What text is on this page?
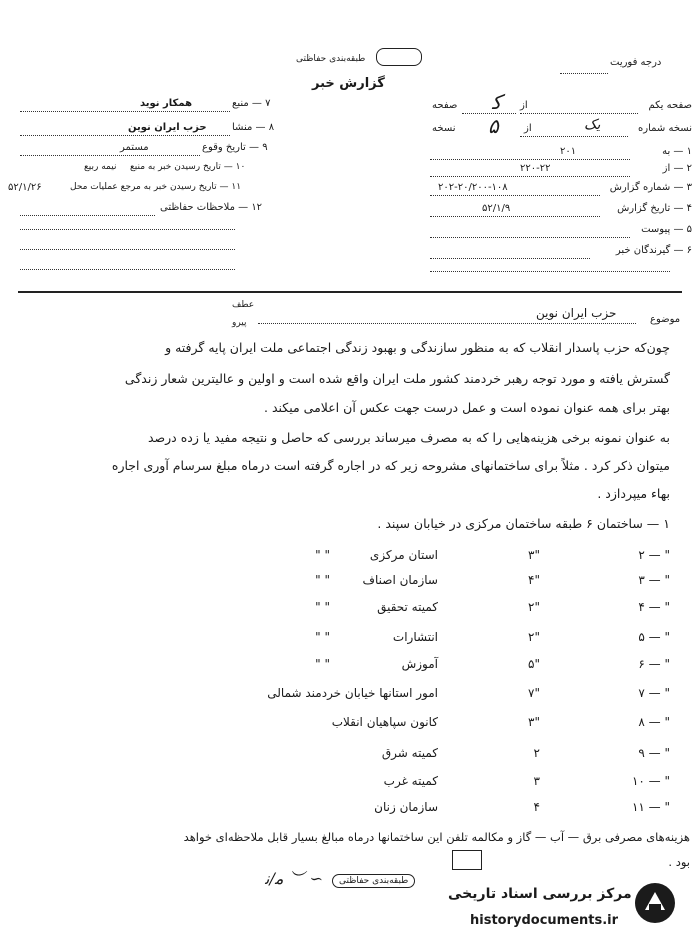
درجه فوریت
طبقه‌بندی حفاظتی
گزارش خبر
صفحه یکم
ﮐ از
صفحه
نسخه شماره
یک
از
۵
نسخه
۱ — به
۲۰۱
۲ — از
۲۲۰-۲۲
۳ — شماره گزارش
۲۰۲-۲۰/۲۰۰-۱۰۸
۴ — تاریخ گزارش
۵۲/۱/۹
۵ — پیوست
۶ — گیرندگان خبر
۷ — منبع
همکار نوید
۸ — منشا
حزب ایران نوین
۹ — تاریخ وقوع
مستمر
۱۰ — تاریخ رسیدن خبر به منبع
نیمه ربیع
۱۱ — تاریخ رسیدن خبر به مرجع عملیات محل
۵۲/۱/۲۶
۱۲ — ملاحظات حفاظتی
موضوع
حزب ایران نوین
عطف
پیرو
چون‌که حزب پاسدار انقلاب که به منظور سازندگی و بهبود زندگی اجتماعی ملت ایران پایه گرفته و
گسترش یافته و مورد توجه رهبر خردمند کشور ملت ایران واقع شده است و اولین و عالیترین شعار زندگی
بهتر برای همه عنوان نموده است و عمل درست جهت عکس آن اعلامی میکند .
به عنوان نمونه برخی هزینه‌هایی را که به مصرف میرساند بررسی که حاصل و نتیجه مفید یا زده درصد
میتوان ذکر کرد . مثلاً برای ساختمانهای مشروحه زیر که در اجاره گرفته است درماه مبلغ سرسام آوری اجاره
بهاء میپردازد .
۱ — ساختمان ۶ طبقه ساختمان مرکزی در خیابان سپند .
۲ — "
۳"
استان مرکزی
" "
۳ — "
۴"
سازمان اصناف
" "
۴ — "
۲"
کمیته تحقیق
" "
۵ — "
۲"
انتشارات
" "
۶ — "
۵"
آموزش
" "
۷ — "
۷"
امور استانها خیابان خردمند شمالی
۸ — "
۳"
کانون سپاهیان انقلاب
۹ — "
۲
کمیته شرق
۱۰ — "
۳
کمیته غرب
۱۱ — "
۴
سازمان زنان
هزینه‌های مصرفی برق — آب — گاز و مکالمه تلفن این ساختمانها درماه مبالغ بسیار قابل ملاحظه‌ای خواهد
بود .
ﻣ/ﻧ ︶ ∽	طبقه‌بندی حفاظتی
مرکز بررسی اسناد تاریخی
historydocuments.ir
